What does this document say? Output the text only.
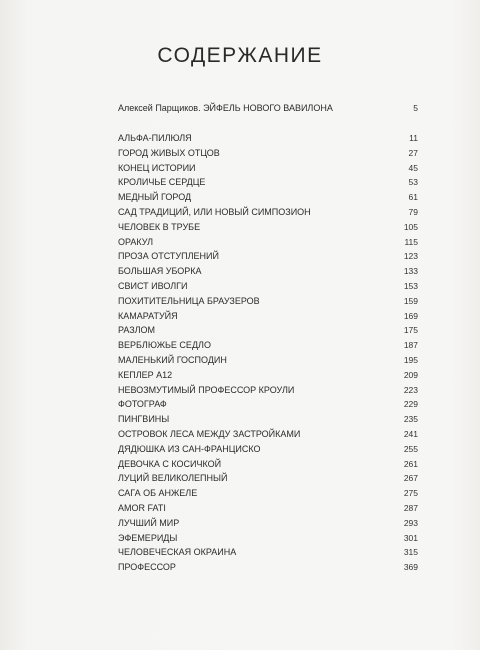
СОДЕРЖАНИЕ
Алексей Парщиков. ЭЙФЕЛЬ НОВОГО ВАВИЛОНА	5
АЛЬФА-ПИЛЮЛЯ	11
ГОРОД ЖИВЫХ ОТЦОВ	27
КОНЕЦ ИСТОРИИ	45
КРОЛИЧЬЕ СЕРДЦЕ	53
МЕДНЫЙ ГОРОД	61
САД ТРАДИЦИЙ, ИЛИ НОВЫЙ СИМПОЗИОН	79
ЧЕЛОВЕК В ТРУБЕ	105
ОРАКУЛ	115
ПРОЗА ОТСТУПЛЕНИЙ	123
БОЛЬШАЯ УБОРКА	133
СВИСТ ИВОЛГИ	153
ПОХИТИТЕЛЬНИЦА БРАУЗЕРОВ	159
КАМАРАТУЙЯ	169
РАЗЛОМ	175
ВЕРБЛЮЖЬЕ СЕДЛО	187
МАЛЕНЬКИЙ ГОСПОДИН	195
КЕПЛЕР A12	209
НЕВОЗМУТИМЫЙ ПРОФЕССОР КРОУЛИ	223
ФОТОГРАФ	229
ПИНГВИНЫ	235
ОСТРОВОК ЛЕСА МЕЖДУ ЗАСТРОЙКАМИ	241
ДЯДЮШКА ИЗ САН-ФРАНЦИСКО	255
ДЕВОЧКА С КОСИЧКОЙ	261
ЛУЦИЙ ВЕЛИКОЛЕПНЫЙ	267
САГА ОБ АНЖЕЛЕ	275
AMOR FATI	287
ЛУЧШИЙ МИР	293
ЭФЕМЕРИДЫ	301
ЧЕЛОВЕЧЕСКАЯ ОКРАИНА	315
ПРОФЕССОР	369
